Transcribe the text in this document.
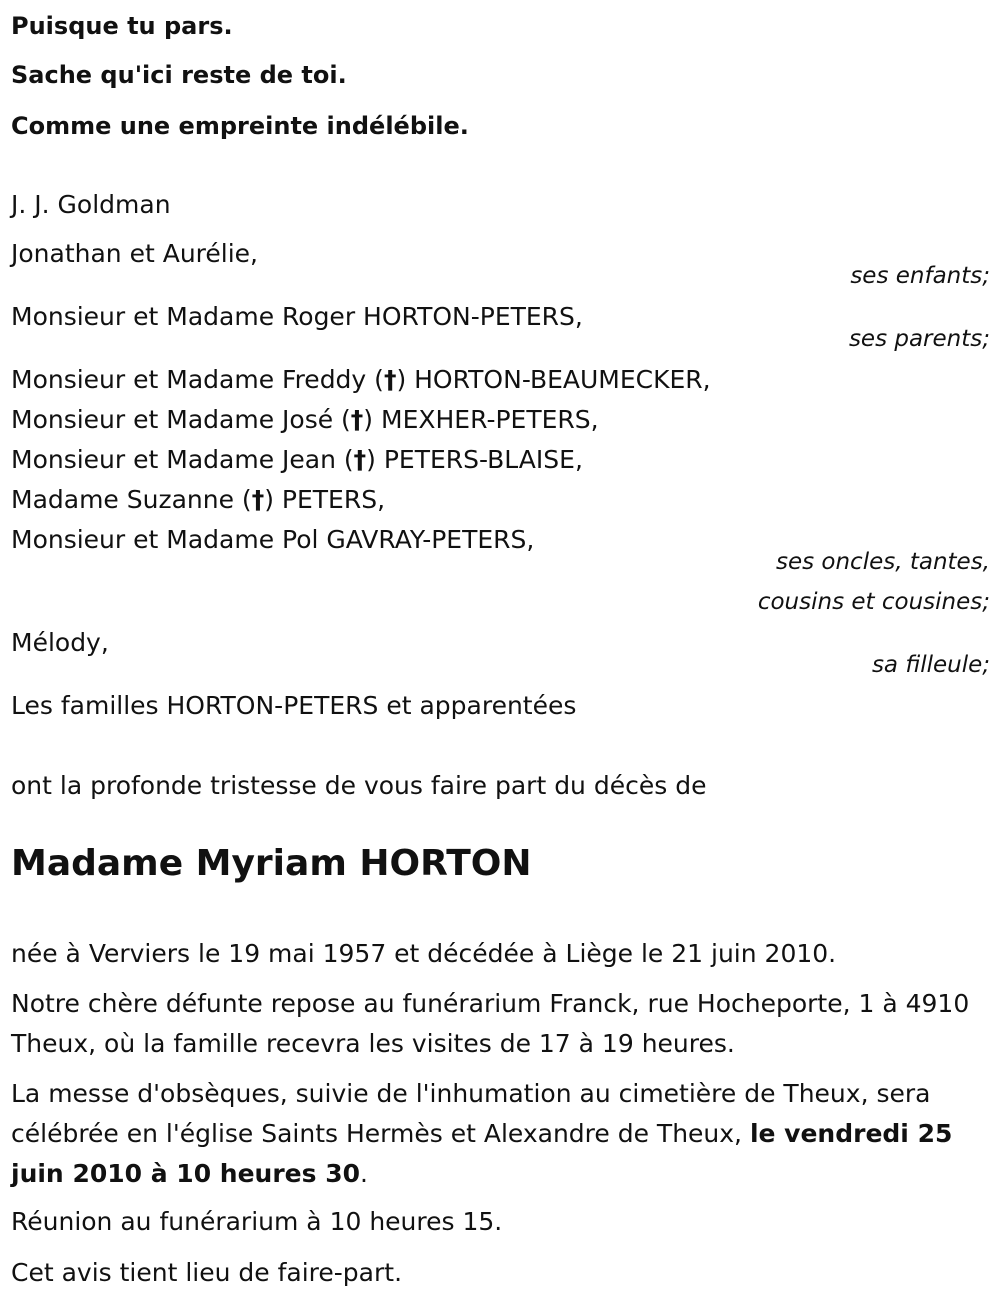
Puisque tu pars.

Sache qu'ici reste de toi.

Comme une empreinte indélébile.

J. J. Goldman

Jonathan et Aurélie,

ses enfants;

Monsieur et Madame Roger HORTON-PETERS,

ses parents;

Monsieur et Madame Freddy (†) HORTON-BEAUMECKER,

Monsieur et Madame José (†) MEXHER-PETERS,

Monsieur et Madame Jean (†) PETERS-BLAISE,

Madame Suzanne (†) PETERS,

Monsieur et Madame Pol GAVRAY-PETERS,

ses oncles, tantes,

cousins et cousines;

Mélody,

sa filleule;

Les familles HORTON-PETERS et apparentées

ont la profonde tristesse de vous faire part du décès de

Madame Myriam HORTON

née à Verviers le 19 mai 1957 et décédée à Liège le 21 juin 2010.

Notre chère défunte repose au funérarium Franck, rue Hocheporte, 1 à 4910 Theux, où la famille recevra les visites de 17 à 19 heures.

La messe d'obsèques, suivie de l'inhumation au cimetière de Theux, sera célébrée en l'église Saints Hermès et Alexandre de Theux, le vendredi 25 juin 2010 à 10 heures 30.

Réunion au funérarium à 10 heures 15.

Cet avis tient lieu de faire-part.
